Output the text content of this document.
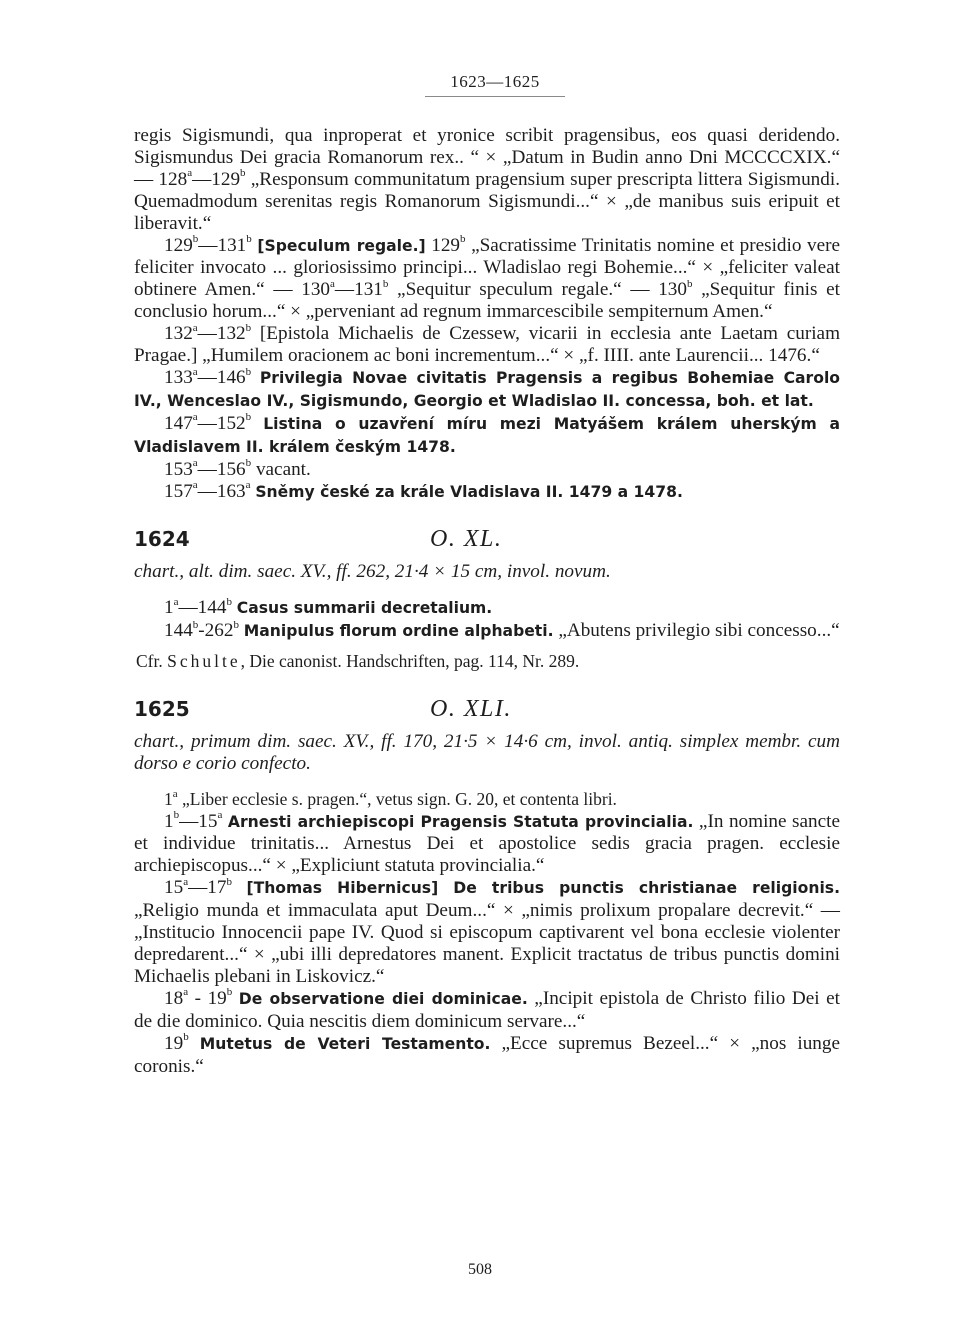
1623—1625

regis Sigismundi, qua inproperat et yronice scribit pragensibus, eos quasi deridendo. Sigismundus Dei gracia Romanorum rex.. “ × „Datum in Budin anno Dni MCCCCXIX.“ — 128$^a$—129$^b$ „Responsum communitatum pragensium super prescripta littera Sigismundi. Quemadmodum serenitas regis Romanorum Sigismundi...“ × „de manibus suis eripuit et liberavit.“

129$^b$—131$^b$ [Speculum regale.] 129$^b$ „Sacratissime Trinitatis nomine et presidio vere feliciter invocato ... gloriosissimo principi... Wladislao regi Bohemie...“ × „feliciter valeat obtinere Amen.“ — 130$^a$—131$^b$ „Sequitur speculum regale.“ — 130$^b$ „Sequitur finis et conclusio horum...“ × „perveniant ad regnum immarcescibile sempiternum Amen.“

132$^a$—132$^b$ [Epistola Michaelis de Czessew, vicarii in ecclesia ante Laetam curiam Pragae.] „Humilem oracionem ac boni incrementum...“ × „f. IIII. ante Laurencii... 1476.“

133$^a$—146$^b$ Privilegia Novae civitatis Pragensis a regibus Bohemiae Carolo IV., Wenceslao IV., Sigismundo, Georgio et Wladislao II. concessa, boh. et lat.

147$^a$—152$^b$ Listina o uzavření míru mezi Matyášem králem uherským a Vladislavem II. králem českým 1478.

153$^a$—156$^b$ vacant.

157$^a$—163$^a$ Sněmy české za krále Vladislava II. 1479 a 1478.

1624	O. XL.

chart., alt. dim. saec. XV., ff. 262, 21·4 × 15 cm, invol. novum.

1$^a$—144$^b$ Casus summarii decretalium.

144$^b$-262$^b$ Manipulus florum ordine alphabeti. „Abutens privilegio sibi concesso...“

Cfr. Schulte, Die canonist. Handschriften, pag. 114, Nr. 289.

1625	O. XLI.

chart., primum dim. saec. XV., ff. 170, 21·5 × 14·6 cm, invol. antiq. simplex membr. cum dorso e corio confecto.

1$^a$ „Liber ecclesie s. pragen.“, vetus sign. G. 20, et contenta libri.

1$^b$—15$^a$ Arnesti archiepiscopi Pragensis Statuta provincialia. „In nomine sancte et individue trinitatis... Arnestus Dei et apostolice sedis gracia pragen. ecclesie archiepiscopus...“ × „Expliciunt statuta provincialia.“

15$^a$—17$^b$ [Thomas Hibernicus] De tribus punctis christianae religionis. „Religio munda et immaculata aput Deum...“ × „nimis prolixum propalare decrevit.“ — „Institucio Innocencii pape IV. Quod si episcopum captivarent vel bona ecclesie violenter depredarent...“ × „ubi illi depredatores manent. Explicit tractatus de tribus punctis domini Michaelis plebani in Liskovicz.“

18$^a$ - 19$^b$ De observatione diei dominicae. „Incipit epistola de Christo filio Dei et de die dominico. Quia nescitis diem dominicum servare...“

19$^b$ Mutetus de Veteri Testamento. „Ecce supremus Bezeel...“ × „nos iunge coronis.“

508
